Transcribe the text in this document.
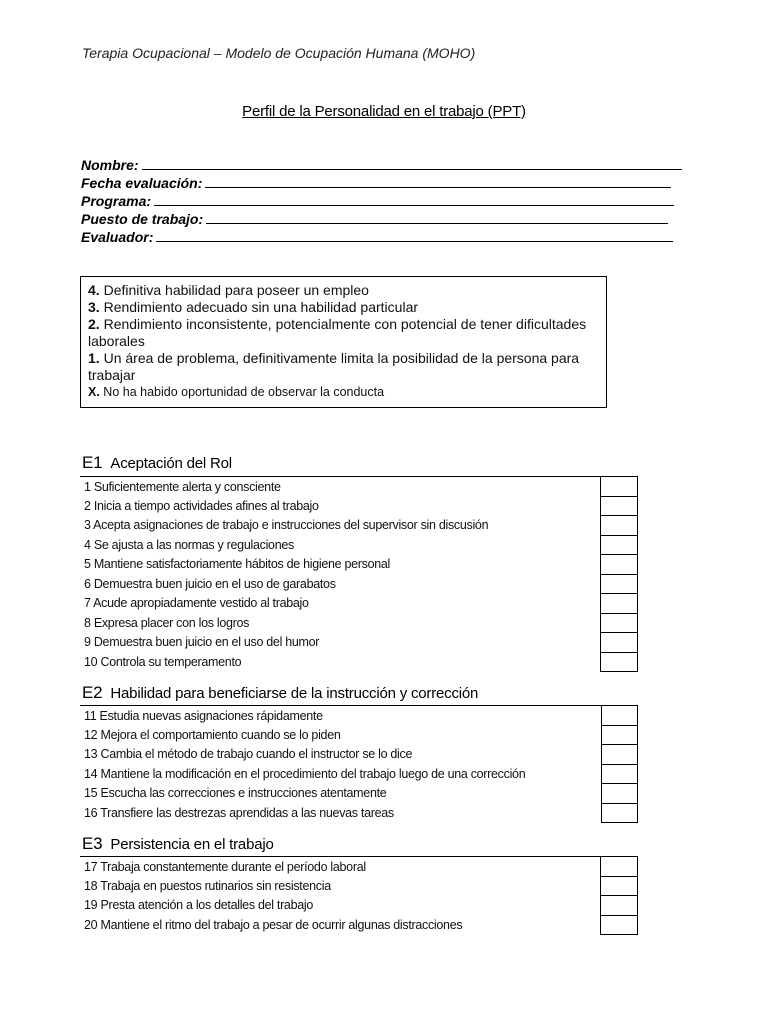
Terapia Ocupacional – Modelo de Ocupación Humana (MOHO)
Perfil de la Personalidad en el trabajo (PPT)
Nombre:
Fecha evaluación:
Programa:
Puesto de trabajo:
Evaluador:
4. Definitiva habilidad para poseer un empleo
3. Rendimiento adecuado sin una habilidad particular
2. Rendimiento inconsistente, potencialmente con potencial de tener dificultades laborales
1. Un área de problema, definitivamente limita la posibilidad de la persona para trabajar
X. No ha habido oportunidad de observar la conducta
E1 Aceptación del Rol
1 Suficientemente alerta y consciente	
2 Inicia a tiempo actividades afines al trabajo	
3 Acepta asignaciones de trabajo e instrucciones del supervisor sin discusión	
4 Se ajusta a las normas y regulaciones	
5 Mantiene satisfactoriamente hábitos de higiene personal	
6 Demuestra buen juicio en el uso de garabatos	
7 Acude apropiadamente vestido al trabajo	
8 Expresa placer con los logros	
9 Demuestra buen juicio en el uso del humor	
10 Controla su temperamento	
E2 Habilidad para beneficiarse de la instrucción y corrección
11 Estudia nuevas asignaciones rápidamente	
12 Mejora el comportamiento cuando se lo piden	
13 Cambia el método de trabajo cuando el instructor se lo dice	
14 Mantiene la modificación en el procedimiento del trabajo luego de una corrección	
15 Escucha las correcciones e instrucciones atentamente	
16 Transfiere las destrezas aprendidas a las nuevas tareas	
E3 Persistencia en el trabajo
17 Trabaja constantemente durante el período laboral	
18 Trabaja en puestos rutinarios sin resistencia	
19 Presta atención a los detalles del trabajo	
20 Mantiene el ritmo del trabajo a pesar de ocurrir algunas distracciones	
